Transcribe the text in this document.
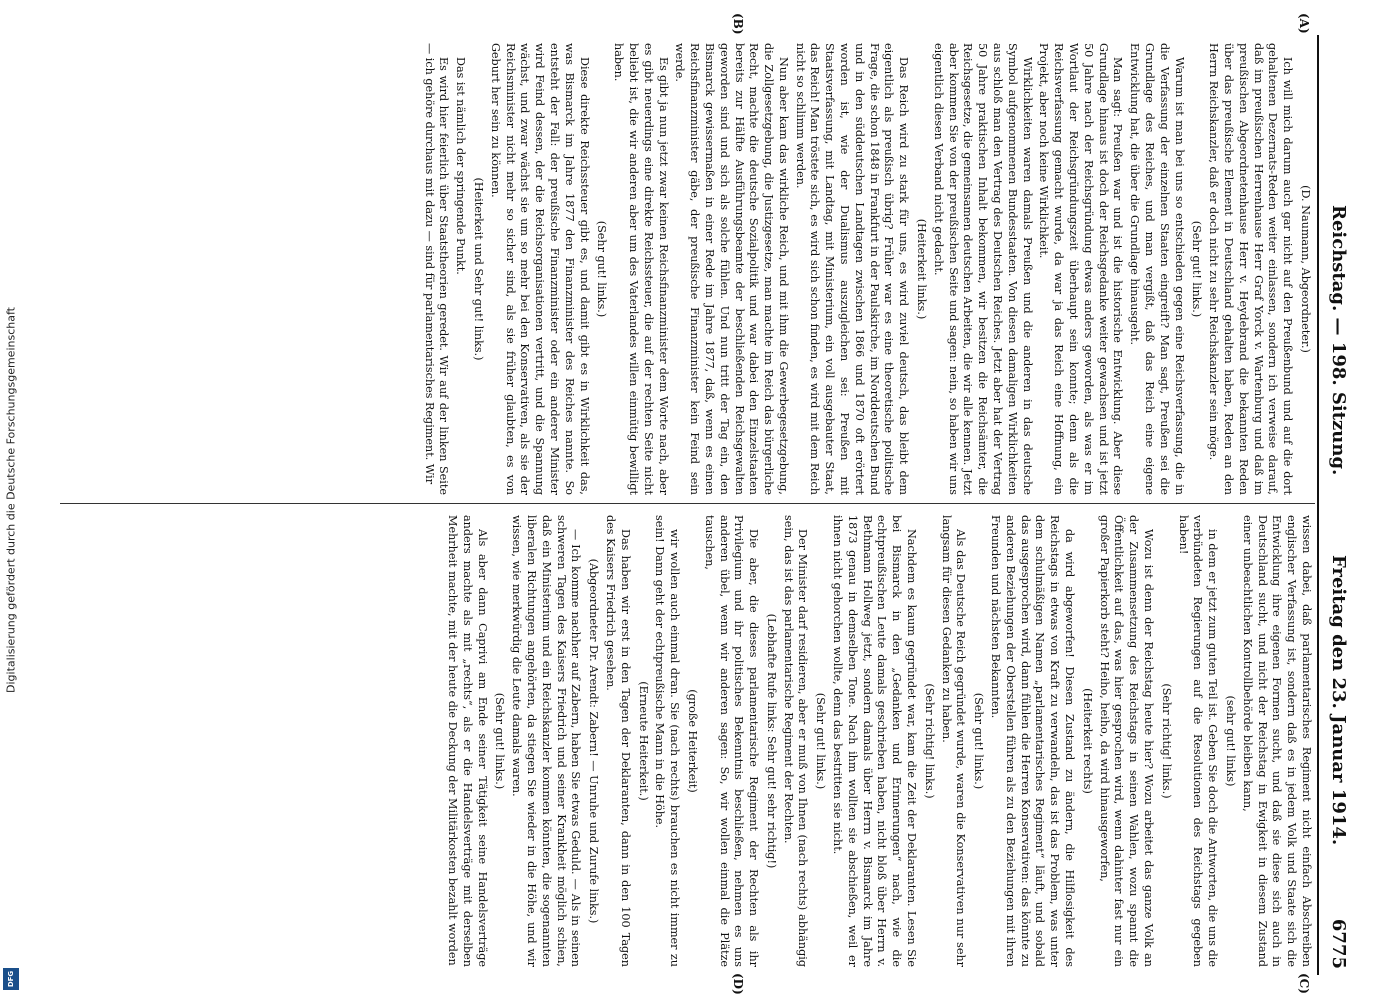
Digitalisierung gefördert durch die Deutsche Forschungsgemeinschaft
DFG
Reichstag. — 198. Sitzung.
Freitag den 23. Januar 1914.
6775
(A)
(B)
(C)
(D)

(D. Naumann, Abgeordneter.)

Ich will mich darum auch gar nicht auf den Preußenbund und auf die dort gehaltenen Dezernats-Reden weiter einlassen, sondern ich verweise darauf, daß im preußischen Herrenhause Herr Graf Yorck v. Wartenburg und daß im preußischen Abgeordnetenhause Herr v. Heydebrand die bekannten Reden über das preußische Element in Deutschland gehalten haben, Reden an den Herrn Reichskanzler, daß er doch nicht zu sehr Reichskanzler sein möge.

(Sehr gut! links.)

Warum ist man bei uns so entschieden gegen eine Reichsverfassung, die in die Verfassung der einzelnen Staaten eingreift? Man sagt, Preußen sei die Grundlage des Reiches, und man vergißt, daß das Reich eine eigene Entwicklung hat, die über die Grundlage hinausgeht.

Man sagt: Preußen war und ist die historische Entwicklung. Aber diese Grundlage hinaus ist doch der Reichsgedanke weiter gewachsen und ist jetzt 50 Jahre nach der Reichsgründung etwas anders geworden, als was er im Wortlaut der Reichsgründungszeit überhaupt sein konnte; denn als die Reichsverfassung gemacht wurde, da war ja das Reich eine Hoffnung, ein Projekt, aber noch keine Wirklichkeit.

Wirklichkeiten waren damals Preußen und die anderen in das deutsche Symbol aufgenommenen Bundesstaaten. Von diesen damaligen Wirklichkeiten aus schloß man den Vertrag des Deutschen Reiches. Jetzt aber hat der Vertrag 50 Jahre praktischen Inhalt bekommen, wir besitzen die Reichsämter, die Reichsgesetze, die gemeinsamen deutschen Arbeiten, die wir alle kennen. Jetzt aber kommen Sie von der preußischen Seite und sagen: nein, so haben wir uns eigentlich diesen Verband nicht gedacht.

(Heiterkeit links.)

Das Reich wird zu stark für uns, es wird zuviel deutsch, das bleibt dem eigentlich als preußisch übrig? Früher war es eine theoretische politische Frage, die schon 1848 in Frankfurt in der Paulskirche, im Norddeutschen Bund und in den süddeutschen Landtagen zwischen 1866 und 1870 oft erörtert worden ist, wie der Dualismus auszugleichen sei: Preußen mit Staatsverfassung, mit Landtag, mit Ministerium, ein voll ausgebauter Staat, das Reich! Man tröstete sich, es wird sich schon finden, es wird mit dem Reich nicht so schlimm werden.

Nun aber kam das wirkliche Reich, und mit ihm die Gewerbegesetzgebung, die Zollgesetzgebung, die Justizgesetze, man machte im Reich das bürgerliche Recht, machte die deutsche Sozialpolitik und war dabei den Einzelstaaten bereits zur Hälfte Ausführungsbeamte der beschließenden Reichsgewalten geworden sind und sich als solche fühlen. Und nun tritt der Tag ein, den Bismarck gewissermaßen in einer Rede im Jahre 1877, daß, wenn es einen Reichsfinanzminister gäbe, der preußische Finanzminister kein Feind sein werde.

Es gibt ja nun jetzt zwar keinen Reichsfinanzminister dem Worte nach, aber es gibt neuerdings eine direkte Reichssteuer, die auf der rechten Seite nicht beliebt ist, die wir anderen aber um des Vaterlandes willen einmütig bewilligt haben.

(Sehr gut! links.)

Diese direkte Reichssteuer gibt es, und damit gibt es in Wirklichkeit das, was Bismarck im Jahre 1877 den Finanzminister des Reiches nannte. So entsteht der Fall: der preußische Finanzminister oder ein anderer Minister wird Feind dessen, der die Reichsorganisationen vertritt, und die Spannung wächst, und zwar wächst sie um so mehr bei den Konservativen, als sie der Reichsminister nicht mehr so sicher sind, als sie früher glaubten, es von Geburt her sein zu können.

(Heiterkeit und Sehr gut! links.)

Das ist nämlich der springende Punkt.

Es wird hier feierlich über Staatstheorien geredet. Wir auf der linken Seite — ich gehöre durchaus mit dazu — sind für parlamentarisches Regiment. Wir

wissen dabei, daß parlamentarisches Regiment nicht einfach Abschreiben englischer Verfassung ist, sondern daß es in jedem Volk und Staate sich die Entwicklung ihre eigenen Formen sucht, und daß sie diese sich auch in Deutschland sucht, und nicht der Reichstag in Ewigkeit in diesem Zustand einer unbeachtlichen Kontrollbehörde bleiben kann,

(sehr gut! links)

in dem er jetzt zum guten Teil ist. Geben Sie doch die Antworten, die uns die verbündeten Regierungen auf die Resolutionen des Reichstags gegeben haben!

(Sehr richtig! links.)

Wozu ist denn der Reichstag heute hier? Wozu arbeitet das ganze Volk an der Zusammensetzung des Reichstags in seinen Wahlen, wozu spannt die Öffentlichkeit auf das, was hier gesprochen wird, wenn dahinter fast nur ein großer Papierkorb steht? Heiho, heiho, da wird hinausgeworfen,

(Heiterkeit rechts)

da wird abgeworfen! Diesen Zustand zu ändern, die Hilflosigkeit des Reichstags in etwas von Kraft zu verwandeln, das ist das Problem, was unter dem schulmäßigen Namen „parlamentarisches Regiment“ läuft, und sobald das ausgesprochen wird, dann fühlen die Herren Konservativen: das könnte zu anderen Beziehungen der Oberstellen führen als zu den Beziehungen mit ihren Freunden und nächsten Bekannten.

(Sehr gut! links.)

Als das Deutsche Reich gegründet wurde, waren die Konservativen nur sehr langsam für diesen Gedanken zu haben.

(Sehr richtig! links.)

Nachdem es kaum gegründet war, kam die Zeit der Deklaranten. Lesen Sie bei Bismarck in den „Gedanken und Erinnerungen“ nach, wie die echtpreußischen Leute damals geschrieben haben, nicht bloß über Herrn v. Bethmann Hollweg jetzt, sondern damals über Herrn v. Bismarck im Jahre 1873 genau in demselben Tone. Nach ihm wollten sie abschießen, weil er ihnen nicht gehorchen wollte, denn das bestritten sie nicht.

(Sehr gut! links.)

Der Minister darf residieren, aber er muß von Ihnen (nach rechts) abhängig sein, das ist das parlamentarische Regiment der Rechten.

(Lebhafte Rufe links: Sehr gut! sehr richtig!)

Die aber, die dieses parlamentarische Regiment der Rechten als ihr Privilegium und ihr politisches Bekenntnis beschließen, nehmen es uns anderen übel, wenn wir anderen sagen: So, wir wollen einmal die Plätze tauschen,

(große Heiterkeit)

wir wollen auch einmal dran. Sie (nach rechts) brauchen es nicht immer zu sein! Dann geht der echtpreußische Mann in die Höhe.

(Erneute Heiterkeit.)

Das haben wir erst in den Tagen der Deklaranten, dann in den 100 Tagen des Kaisers Friedrich gesehen.

(Abgeordneter Dr. Arendt: Zabern! — Unruhe und Zurufe links.)

— Ich komme nachher auf Zabern, haben Sie etwas Geduld. — Als in seinen schweren Tagen des Kaisers Friedrich und seiner Krankheit möglich schien, daß ein Ministerium und ein Reichskanzler kommen könnten, die sogenannten liberalen Richtungen angehörten, da stiegen Sie wieder in die Höhe, und wir wissen, wie merkwürdig die Leute damals waren.

(Sehr gut! links.)

Als aber dann Caprivi am Ende seiner Tätigkeit seine Handelsverträge anders machte als mit „rechts“, als er die Handelsverträge mit derselben Mehrheit machte, mit der heute die Deckung der Militärkosten bezahlt worden
